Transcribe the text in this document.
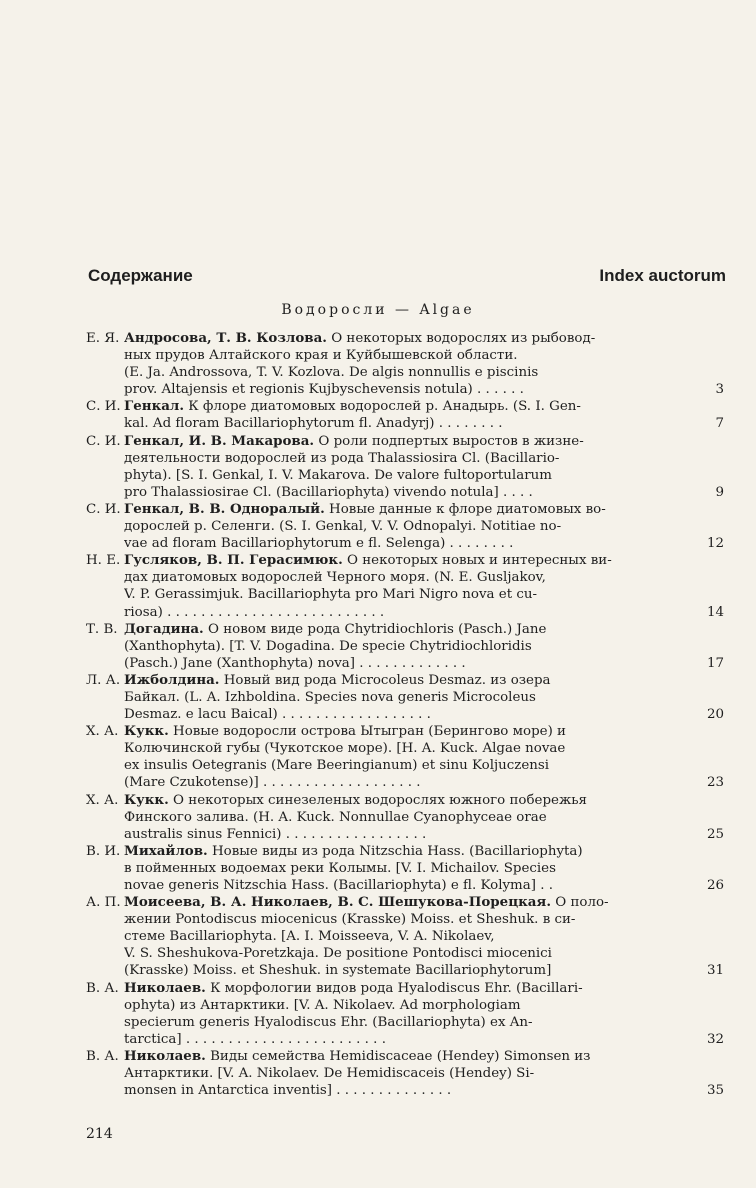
Содержание	Index auctorum
Водоросли — Algae
Е. Я. Андросова, Т. В. Козлова. О некоторых водорослях из рыбовод-
ных прудов Алтайского края и Куйбышевской области.
(E. Ja. Androssova, T. V. Kozlova. De algis nonnullis e piscinis
prov. Altajensis et regionis Kujbyschevensis notula) . . . . . .	3
С. И. Генкал. К флоре диатомовых водорослей р. Анадырь. (S. I. Gen-
kal. Ad floram Bacillariophytorum fl. Anadyrj) . . . . . . . .	7
С. И. Генкал, И. В. Макарова. О роли подпертых выростов в жизне-
деятельности водорослей из рода Thalassiosira Cl. (Bacillario-
phyta). [S. I. Genkal, I. V. Makarova. De valore fultoportularum
pro Thalassiosirae Cl. (Bacillariophyta) vivendo notula] . . . .	9
С. И. Генкал, В. В. Одноралый. Новые данные к флоре диатомовых во-
дорослей р. Селенги. (S. I. Genkal, V. V. Odnopalyi. Notitiae no-
vae ad floram Bacillariophytorum e fl. Selenga) . . . . . . . .	12
Н. Е. Гусляков, В. П. Герасимюк. О некоторых новых и интересных ви-
дах диатомовых водорослей Черного моря. (N. E. Gusljakov,
V. P. Gerassimjuk. Bacillariophyta pro Mari Nigro nova et cu-
riosa) . . . . . . . . . . . . . . . . . . . . . . . . . .	14
Т. В. Догадина. О новом виде рода Chytridiochloris (Pasch.) Jane
(Xanthophyta). [T. V. Dogadina. De specie Chytridiochloridis
(Pasch.) Jane (Xanthophyta) nova] . . . . . . . . . . . . .	17
Л. А. Ижболдина. Новый вид рода Microcoleus Desmaz. из озера
Байкал. (L. A. Izhboldina. Species nova generis Microcoleus
Desmaz. e lacu Baical) . . . . . . . . . . . . . . . . . .	20
Х. А. Кукк. Новые водоросли острова Ытыгран (Берингово море) и
Колючинской губы (Чукотское море). [H. A. Kuck. Algae novae
ex insulis Oetegranis (Mare Beeringianum) et sinu Koljuczensi
(Mare Czukotense)] . . . . . . . . . . . . . . . . . . .	23
Х. А. Кукк. О некоторых синезеленых водорослях южного побережья
Финского залива. (H. A. Kuck. Nonnullae Cyanophyceae orae
australis sinus Fennici) . . . . . . . . . . . . . . . . .	25
В. И. Михайлов. Новые виды из рода Nitzschia Hass. (Bacillariophyta)
в пойменных водоемах реки Колымы. [V. I. Michailov. Species
novae generis Nitzschia Hass. (Bacillariophyta) e fl. Kolyma] . .	26
А. П. Моисеева, В. А. Николаев, В. С. Шешукова-Порецкая. О поло-
жении Pontodiscus miocenicus (Krasske) Moiss. et Sheshuk. в си-
стеме Bacillariophyta. [A. I. Moisseeva, V. A. Nikolaev,
V. S. Sheshukova-Poretzkaja. De positione Pontodisci miocenici
(Krasske) Moiss. et Sheshuk. in systemate Bacillariophytorum]	31
В. А. Николаев. К морфологии видов рода Hyalodiscus Ehr. (Bacillari-
ophyta) из Антарктики. [V. A. Nikolaev. Ad morphologiam
specierum generis Hyalodiscus Ehr. (Bacillariophyta) ex An-
tarctica] . . . . . . . . . . . . . . . . . . . . . . . .	32
В. А. Николаев. Виды семейства Hemidiscaceae (Hendey) Simonsen из
Антарктики. [V. A. Nikolaev. De Hemidiscaceis (Hendey) Si-
monsen in Antarctica inventis] . . . . . . . . . . . . . .	35
214
